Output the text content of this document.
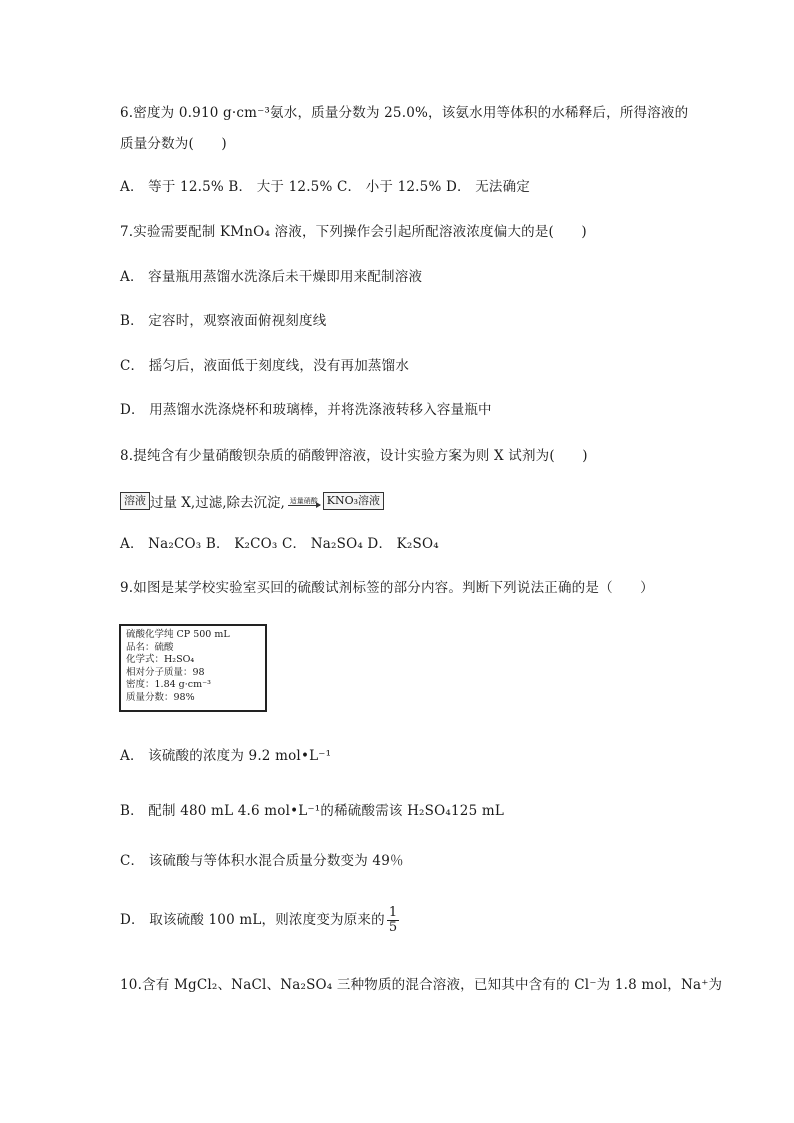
6.密度为 0.910 g·cm⁻³氨水，质量分数为 25.0%，该氨水用等体积的水稀释后，所得溶液的
质量分数为(　　)
A． 等于 12.5% B． 大于 12.5% C． 小于 12.5% D． 无法确定
7.实验需要配制 KMnO₄ 溶液，下列操作会引起所配溶液浓度偏大的是(　　)
A． 容量瓶用蒸馏水洗涤后未干燥即用来配制溶液
B． 定容时，观察液面俯视刻度线
C． 摇匀后，液面低于刻度线，没有再加蒸馏水
D． 用蒸馏水洗涤烧杯和玻璃棒，并将洗涤液转移入容量瓶中
8.提纯含有少量硝酸钡杂质的硝酸钾溶液，设计实验方案为则 X 试剂为(　　)
溶液 过量 X,过滤,除去沉淀, 适量硝酸 KNO₃溶液
A． Na₂CO₃ B． K₂CO₃ C． Na₂SO₄ D． K₂SO₄
9.如图是某学校实验室买回的硫酸试剂标签的部分内容。判断下列说法正确的是（　　）
硫酸化学纯 CP 500 mL
品名：硫酸
化学式：H₂SO₄
相对分子质量：98
密度：1.84 g·cm⁻³
质量分数：98%
A． 该硫酸的浓度为 9.2 mol•L⁻¹
B． 配制 480 mL 4.6 mol•L⁻¹的稀硫酸需该 H₂SO₄125 mL
C． 该硫酸与等体积水混合质量分数变为 49％
D． 取该硫酸 100 mL，则浓度变为原来的 $\frac{1}{5}$
10.含有 MgCl₂、NaCl、Na₂SO₄ 三种物质的混合溶液，已知其中含有的 Cl⁻为 1.8 mol，Na⁺为
